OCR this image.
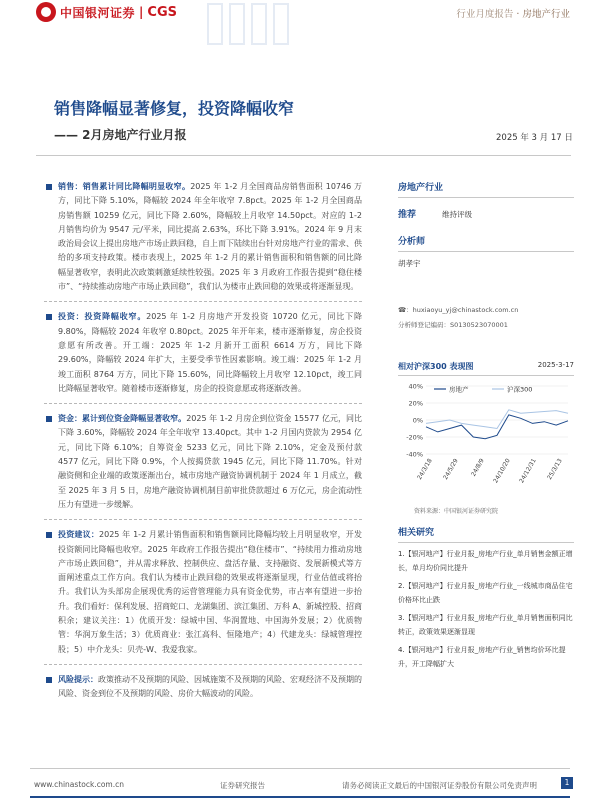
中国银河证券 | CGS	行业月度报告 · 房地产行业
销售降幅显著修复，投资降幅收窄
—— 2月房地产行业月报	2025 年 3 月 17 日
销售：销售累计同比降幅明显收窄。2025 年 1-2 月全国商品房销售面积 10746 万方，同比下降 5.10%，降幅较 2024 年全年收窄 7.8pct。2025 年 1-2 月全国商品房销售额 10259 亿元，同比下降 2.60%，降幅较上月收窄 14.50pct。对应的 1-2 月销售均价为 9547 元/平米，同比提高 2.63%，环比下降 3.91%。2024 年 9 月末政治局会议上提出房地产市场止跌回稳，自上而下陆续出台针对房地产行业的需求、供给的多项支持政策。楼市表现上，2025 年 1-2 月的累计销售面积和销售额的同比降幅显著收窄，表明此次政策刺激延续性较强。2025 年 3 月政府工作报告提到“稳住楼市”、“持续推动房地产市场止跌回稳”，我们认为楼市止跌回稳的效果或将逐渐显现。
投资：投资降幅收窄。2025 年 1-2 月房地产开发投资 10720 亿元，同比下降 9.80%，降幅较 2024 年收窄 0.80pct。2025 年开年来，楼市逐渐修复，房企投资意愿有所改善。开工端：2025 年 1-2 月新开工面积 6614 万方，同比下降 29.60%，降幅较 2024 年扩大，主要受季节性因素影响。竣工端：2025 年 1-2 月竣工面积 8764 万方，同比下降 15.60%，同比降幅较上月收窄 12.10pct，竣工同比降幅显著收窄。随着楼市逐渐修复，房企的投资意愿或将逐渐改善。
资金：累计到位资金降幅显著收窄。2025 年 1-2 月房企到位资金 15577 亿元，同比下降 3.60%，降幅较 2024 年全年收窄 13.40pct。其中 1-2 月国内贷款为 2954 亿元，同比下降 6.10%；自筹资金 5233 亿元，同比下降 2.10%，定金及预付款 4577 亿元，同比下降 0.9%，个人按揭贷款 1945 亿元，同比下降 11.70%。针对融资侧和企业端的政策逐渐出台，城市房地产融资协调机制于 2024 年 1 月成立，截至 2025 年 3 月 5 日，房地产融资协调机制目前审批贷款超过 6 万亿元，房企流动性压力有望进一步缓解。
投资建议：2025 年 1-2 月累计销售面积和销售额同比降幅均较上月明显收窄，开发投资额同比降幅也收窄。2025 年政府工作报告提出“稳住楼市”、“持续用力推动房地产市场止跌回稳”，并从需求释放、控制供应、盘活存量、支持融资、发展新模式等方面阐述重点工作方向。我们认为楼市止跌回稳的效果或将逐渐显现，行业估值或将抬升。我们认为头部房企展现优秀的运营管理能力具有资金优势，市占率有望进一步抬升。我们看好：保利发展、招商蛇口、龙湖集团、滨江集团、万科 A、新城控股、招商积余；建议关注：1）优质开发：绿城中国、华润置地、中国海外发展；2）优质物管：华润万象生活；3）优质商业：张江高科、恒隆地产；4）代建龙头：绿城管理控股；5）中介龙头：贝壳-W、我爱我家。
风险提示：政策推动不及预期的风险、因城施策不及预期的风险、宏观经济不及预期的风险、资金到位不及预期的风险、房价大幅波动的风险。
房地产行业
推荐	维持评级
分析师
胡孝宇
☎：huxiaoyu_yj@chinastock.com.cn
分析师登记编码：S0130523070001
相对沪深300 表现图	2025-3-17
40%
20%
0%
-20%
-40%
24/3/18 24/5/29 24/8/9 24/10/20 24/12/31 25/3/13
房地产	沪深300
资料来源：中国银河证券研究院
相关研究
1.【银河地产】行业月报_房地产行业_单月销售金额正增长，单月均价同比提升
2.【银河地产】行业月报_房地产行业_一线城市商品住宅价格环比止跌
3.【银河地产】行业月报_房地产行业_单月销售面积同比转正，政策效果逐渐显现
4.【银河地产】行业月报_房地产行业_销售均价环比提升，开工降幅扩大
www.chinastock.com.cn	证券研究报告	请务必阅读正文最后的中国银河证券股份有限公司免责声明	1
